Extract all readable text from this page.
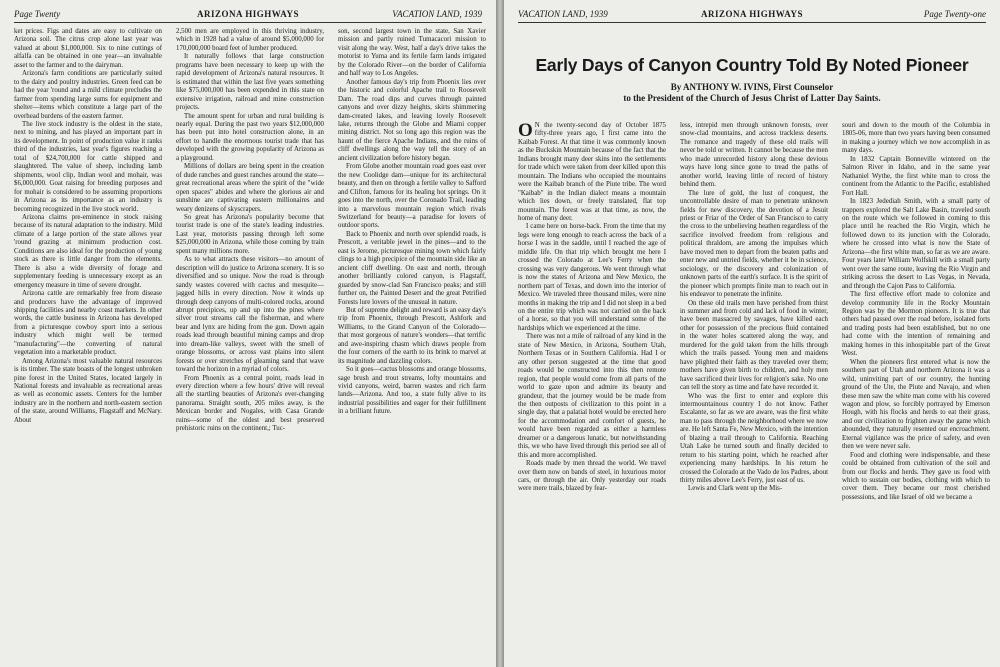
Page Twenty	ARIZONA HIGHWAYS	VACATION LAND, 1939

ket prices. Figs and dates are easy to cultivate on Arizona soil. The citrus crop alone last year was valued at about $1,000,000. Six to nine cuttings of alfalfa can be obtained in one year—an invaluable asset to the farmer and to the dairyman.

Arizona's farm conditions are particularly suited to the dairy and poultry industries. Green feed can be had the year 'round and a mild climate precludes the farmer from spending large sums for equipment and shelter—items which constitute a large part of the overhead burdens of the eastern farmer.

The live stock industry is the oldest in the state, next to mining, and has played an important part in its development. In point of production value it ranks third of the industries, last year's figures reaching a total of $24,700,000 for cattle shipped and slaughtered. The value of sheep, including lamb shipments, wool clip, Indian wool and mohair, was $6,000,000. Goat raising for breeding purposes and for mohair is considered to be assuming proportions in Arizona as its importance as an industry is becoming recognized in the live stock world.

Arizona claims pre-eminence in stock raising because of its natural adaptation to the industry. Mild climate of a large portion of the state allows year 'round grazing at minimum production cost. Conditions are also ideal for the production of young stock as there is little danger from the elements. There is also a wide diversity of forage and supplementary feeding is unnecessary except as an emergency measure in time of severe drought.

Arizona cattle are remarkably free from disease and producers have the advantage of improved shipping facilities and nearby coast markets. In other words, the cattle business in Arizona has developed from a picturesque cowboy sport into a serious industry which might well be termed "manufacturing"—the converting of natural vegetation into a marketable product.

Among Arizona's most valuable natural resources is its timber. The state boasts of the longest unbroken pine forest in the United States, located largely in National forests and invaluable as recreational areas as well as economic assets. Centers for the lumber industry are in the northern and north-eastern section of the state, around Williams, Flagstaff and McNary. About

2,500 men are employed in this thriving industry, which in 1928 had a value of around $5,000,000 for 170,000,000 board feet of lumber produced.

It naturally follows that large construction programs have been necessary to keep up with the rapid development of Arizona's natural resources. It is estimated that within the last five years something like $75,000,000 has been expended in this state on extensive irrigation, railroad and mine construction projects.

The amount spent for urban and rural building is nearly equal. During the past two years $12,000,000 has been put into hotel construction alone, in an effort to handle the enormous tourist trade that has developed with the growing popularity of Arizona as a playground.

Millions of dollars are being spent in the creation of dude ranches and guest ranches around the state—great recreational areas where the spirit of the "wide open spaces" abides and where the glorious air and sunshine are captivating eastern millionaires and weary denizens of skyscrapers.

So great has Arizona's popularity become that tourist trade is one of the state's leading industries. Last year, motorists passing through left some $25,000,000 in Arizona, while those coming by train spent many millions more.

As to what attracts these visitors—no amount of description will do justice to Arizona scenery. It is so diversified and so unique. Now the road is through sandy wastes covered with cactus and mesquite—jagged hills in every direction. Now it winds up through deep canyons of multi-colored rocks, around abrupt precipices, up and up into the pines where silver trout streams call the fisherman, and where bear and lynx are hiding from the gun. Down again roads lead through beautiful mining camps and drop into dream-like valleys, sweet with the smell of orange blossoms, or across vast plains into silent forests or over stretches of gleaming sand that wave toward the horizon in a myriad of colors.

From Phoenix as a central point, roads lead in every direction where a few hours' drive will reveal all the startling beauties of Arizona's ever-changing panorama. Straight south, 205 miles away, is the Mexican border and Nogales, with Casa Grande ruins—some of the oldest and best preserved prehistoric ruins on the continent,; Tuc-

son, second largest town in the state, San Xavier mission and partly ruined Tumacacori mission to visit along the way. West, half a day's drive takes the motorist to Yuma and its fertile farm lands irrigated by the Colorado River—on the border of California and half way to Los Angeles.

Another famous day's trip from Phoenix lies over the historic and colorful Apache trail to Roosevelt Dam. The road dips and curves through painted canyons and over dizzy heights, skirts shimmering dam-created lakes, and leaving lovely Roosevelt lake, returns through the Globe and Miami copper mining district. Not so long ago this region was the haunt of the fierce Apache Indians, and the ruins of cliff dwellings along the way tell the story of an ancient civilization before history began.

From Globe another mountain road goes east over the new Coolidge dam—unique for its architectural beauty, and then on through a fertile valley to Safford and Clifton, famous for its healing hot springs. On it goes into the north, over the Coronado Trail, leading into a marvelous mountain region which rivals Switzerland for beauty—a paradise for lovers of outdoor sports.

Back to Phoenix and north over splendid roads, is Prescott, a veritable jewel in the pines—and to the east is Jerome, picturesque mining town which fairly clings to a high precipice of the mountain side like an ancient cliff dwelling. On east and north, through another brilliantly colored canyon, is Flagstaff, guarded by snow-clad San Francisco peaks; and still further on, the Painted Desert and the great Petrified Forests lure lovers of the unusual in nature.

But of supreme delight and reward is an easy day's trip from Phoenix, through Prescott, Ashfork and Williams, to the Grand Canyon of the Colorado—that most gorgeous of nature's wonders—that terrific and awe-inspiring chasm which draws people from the four corners of the earth to its brink to marvel at its magnitude and dazzling colors.

So it goes—cactus blossoms and orange blossoms, sage brush and trout streams, lofty mountains and vivid canyons, weird, barren wastes and rich farm lands—Arizona. And too, a state fully alive to its industrial possibilities and eager for their fulfillment in a brilliant future.

VACATION LAND, 1939	ARIZONA HIGHWAYS	Page Twenty-one
Early Days of Canyon Country Told By Noted Pioneer
By ANTHONY W. IVINS, First Counselor
to the President of the Church of Jesus Christ of Latter Day Saints.

O N the twenty-second day of October 1875 fifty-three years ago, I first came into the Kaibab Forest. At that time it was commonly known as the Buckskin Mountain because of the fact that the Indians brought many deer skins into the settlements for trade which were taken from deer killed upon this mountain. The Indians who occupied the mountains were the Kaibab branch of the Piute tribe. The word "Kaibab" in the Indian dialect means a mountain which lies down, or freely translated, flat top mountain. The forest was at that time, as now, the home of many deer.

I came here on horse-back. From the time that my legs were long enough to reach across the back of a horse I was in the saddle, until I reached the age of middle life. On that trip which brought me here I crossed the Colorado at Lee's Ferry when the crossing was very dangerous. We went through what is now the states of Arizona and New Mexico, the northern part of Texas, and down into the interior of Mexico. We traveled three thousand miles, were nine months in making the trip and I did not sleep in a bed on the entire trip which was not carried on the back of a horse, so that you will understand some of the hardships which we experienced at the time.

There was not a mile of railroad of any kind in the state of New Mexico, in Arizona, Southern Utah, Northern Texas or in Southern California. Had I or any other person suggested at the time that good roads would be constructed into this then remote region, that people would come from all parts of the world to gaze upon and admire its beauty and grandeur, that the journey would be be made from the then outposts of civilization to this point in a single day, that a palatial hotel would be erected here for the accommodation and comfort of guests, he would have been regarded as either a harmless dreamer or a dangerous lunatic, but notwithstanding this, we who have lived through this period see all of this and more accomplished.

Roads made by men thread the world. We travel over them now on bands of steel, in luxurious motor cars, or through the air. Only yesterday our roads were mere trails, blazed by fear-

less, intrepid men through unknown forests, over snow-clad mountains, and across trackless deserts. The romance and tragedy of these old trails will never be told or written. It cannot be because the men who made unrecorded history along these devious ways have long since gone to tread the paths of another world, leaving little of record of history behind them.

The lure of gold, the lust of conquest, the uncontrollable desire of man to penetrate unknown fields for new discovery, the devotion of a Jesuit priest or Friar of the Order of San Francisco to carry the cross to the unbelieving heathen regardless of the sacrifice involved freedom from religious and political thraldom, are among the impulses which have moved men to depart from the beaten paths and enter new and untried fields, whether it be in science, sociology, or the discovery and colonization of unknown parts of the earth's surface. It is the spirit of the pioneer which prompts finite man to reach out in his endeavor to penetrate the infinite.

On these old trails men have perished from thirst in summer and from cold and lack of food in winter, have been massacred by savages, have killed each other for possession of the precious fluid contained in the water holes scattered along the way, and murdered for the gold taken from the hills through which the trails passed. Young men and maidens have plighted their faith as they traveled over them; mothers have given birth to children, and holy men have sacrificed their lives for religion's sake. No one can tell the story as time and fate have recorded it.

Who was the first to enter and explore this intermountainous country I do not know. Father Escalante, so far as we are aware, was the first white man to pass through the neighborhood where we now are. He left Santa Fe, New Mexico, with the intention of blazing a trail through to California. Reaching Utah Lake he turned south and finally decided to return to his starting point, which he reached after experiencing many hardships. In his return he crossed the Colorado at the Vado de los Padres, about thirty miles above Lee's Ferry, just east of us.

Lewis and Clark went up the Mis-

souri and down to the mouth of the Columbia in 1805-06, more than two years having been consumed in making a journey which we now accomplish in as many days.

In 1832 Captain Bonneville wintered on the Salmon River in Idaho, and in the same year Nathaniel Wythe, the first white man to cross the continent from the Atlantic to the Pacific, established Fort Hall.

In 1823 Jedediah Smith, with a small party of trappers explored the Salt Lake Basin, traveled south on the route which we followed in coming to this place until he reached the Rio Virgin, which he followed down to its junction with the Colorado, where he crossed into what is now the State of Arizona—the first white man, so far as we are aware. Four years later William Wolfskill with a small party went over the same route, leaving the Rio Virgin and striking across the desert to Las Vegas, in Nevada, and through the Cajon Pass to California.

The first effective effort made to colonize and develop community life in the Rocky Mountain Region was by the Mormon pioneers. It is true that others had passed over the road before, isolated forts and trading posts had been established, but no one had come with the intention of remaining and making homes in this inhospitable part of the Great West.

When the pioneers first entered what is now the southern part of Utah and northern Arizona it was a wild, uninviting part of our country, the hunting ground of the Ute, the Piute and Navajo, and when these men saw the white man come with his covered wagon and plow, so forcibly portrayed by Emerson Hough, with his flocks and herds to eat their grass, and our civilization to frighten away the game which abounded, they naturally resented our encroachment. Eternal vigilance was the price of safety, and even then we were never safe.

Food and clothing were indispensable, and these could be obtained from cultivation of the soil and from our flocks and herds. They gave us food with which to sustain our bodies, clothing with which to cover them. They became our most cherished possessions, and like Israel of old we became a
